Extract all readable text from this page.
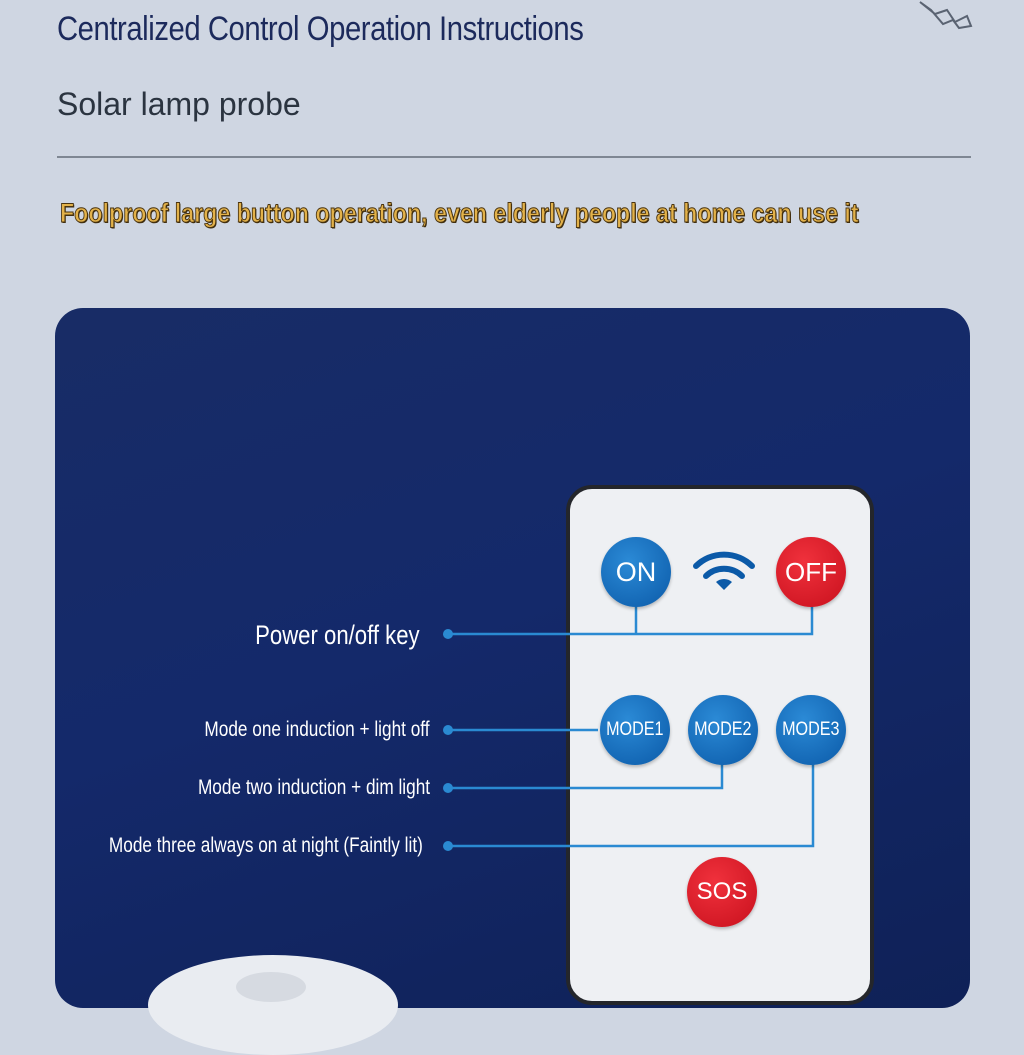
Centralized Control Operation Instructions
Solar lamp probe
Foolproof large button operation, even elderly people at home can use it
ON	OFF
MODE1 MODE2 MODE3
SOS
Power on/off key
Mode one induction + light off
Mode two induction + dim light
Mode three always on at night (Faintly lit)
